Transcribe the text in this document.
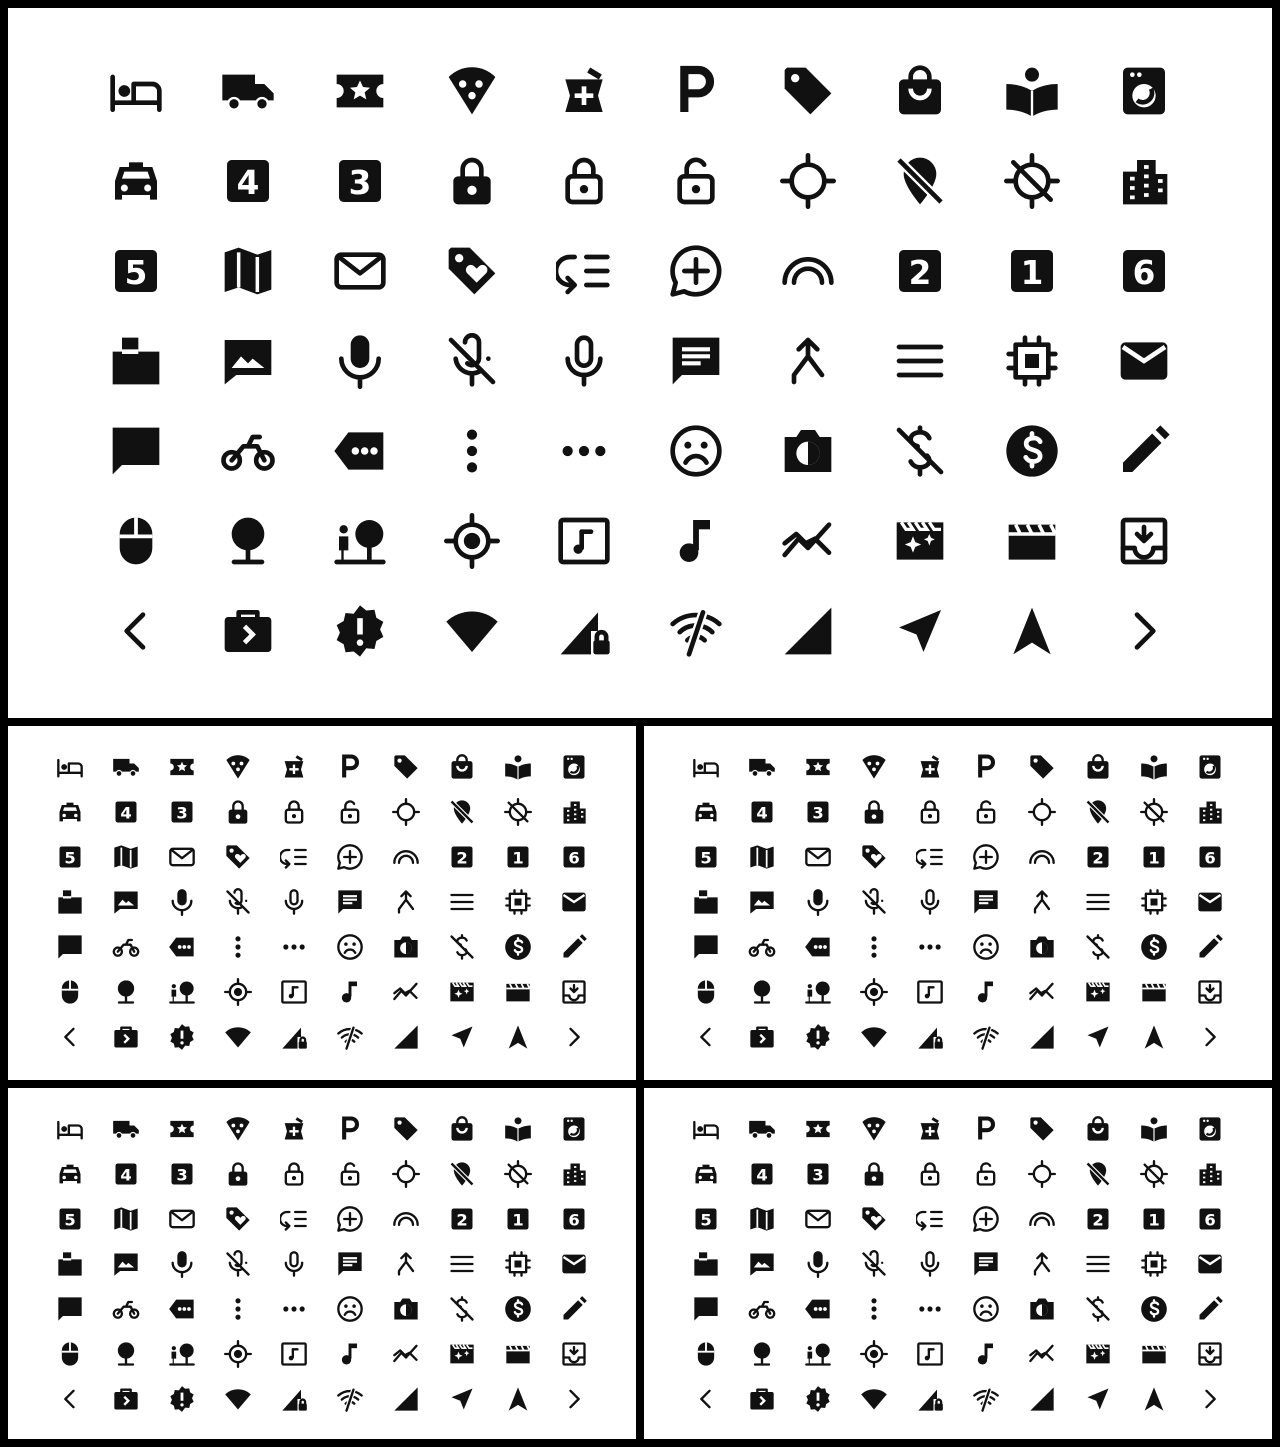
4	3
5	2	1	6
4	3
5	2	1	6
4	3
5	2	1	6
4	3
5	2	1	6
4	3
5	2	1	6
